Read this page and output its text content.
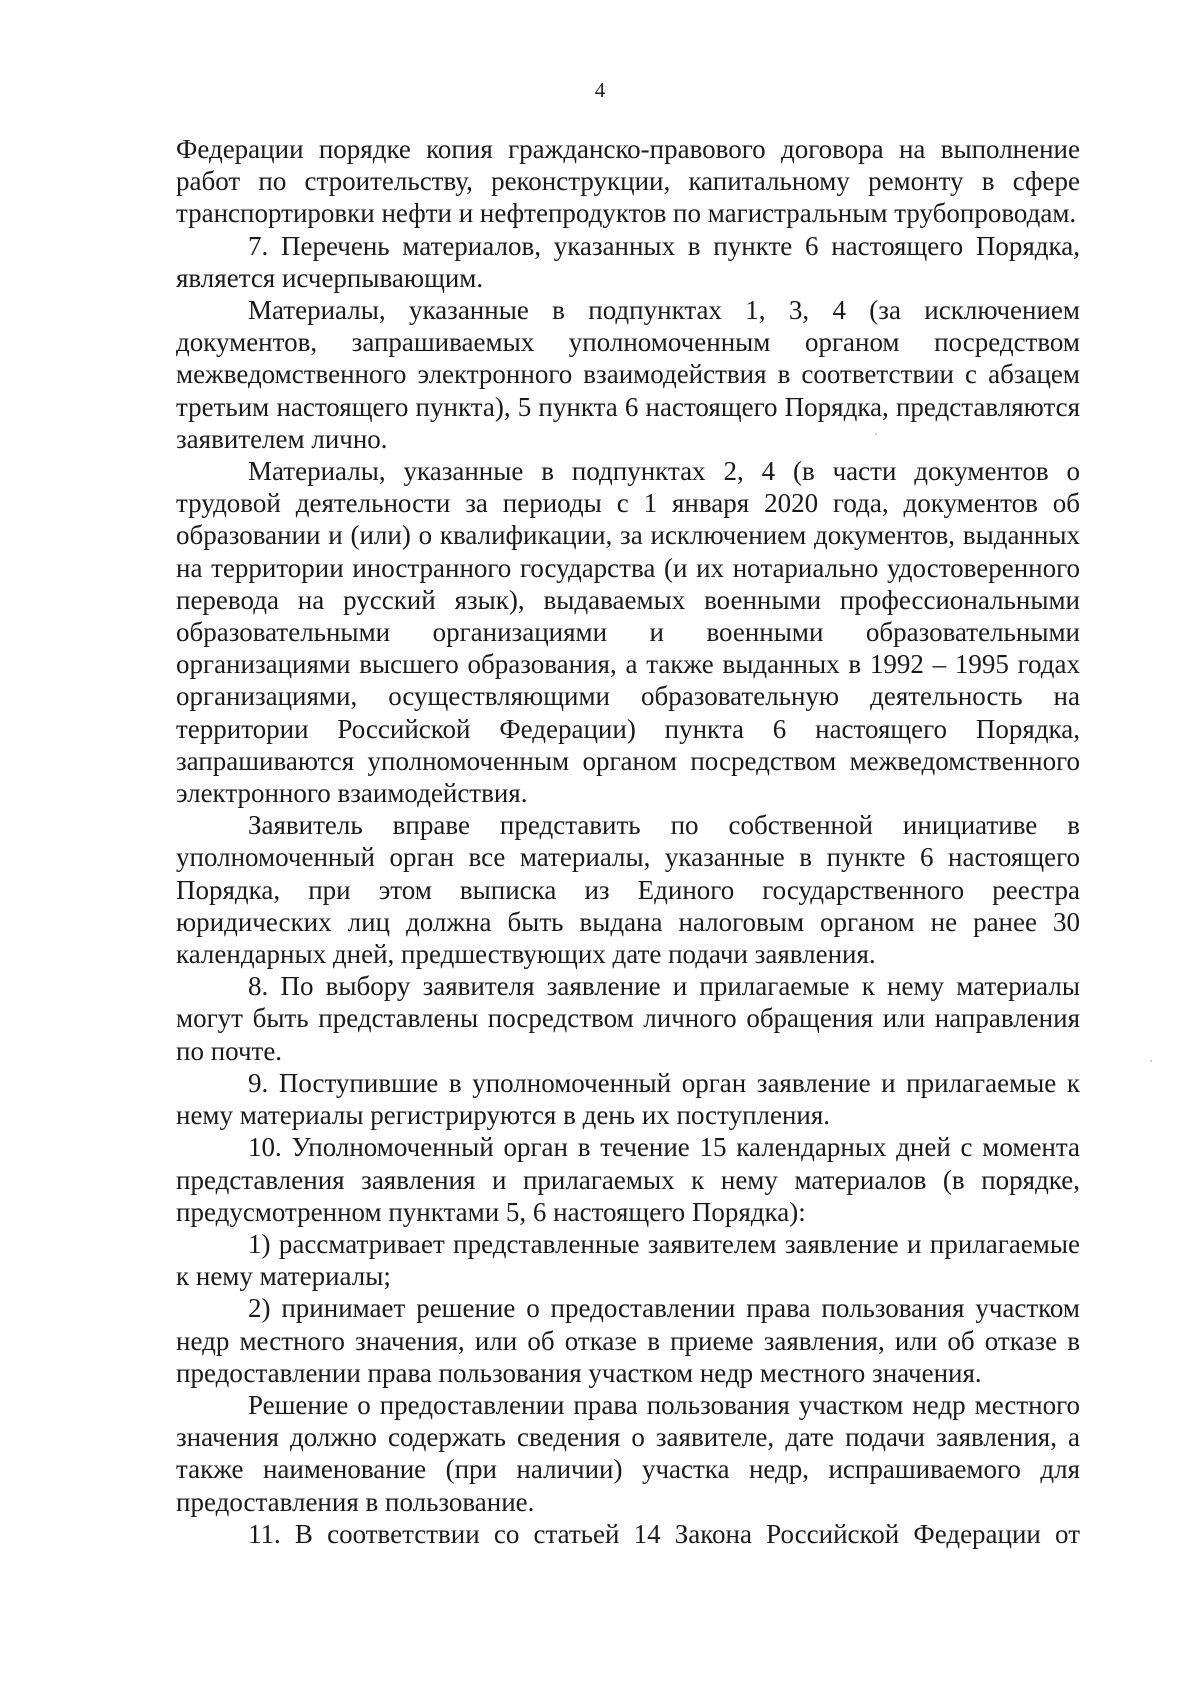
4

Федерации порядке копия гражданско-правового договора на выполнение работ по строительству, реконструкции, капитальному ремонту в сфере транспортировки нефти и нефтепродуктов по магистральным трубопроводам.

7. Перечень материалов, указанных в пункте 6 настоящего Порядка, является исчерпывающим.

Материалы, указанные в подпунктах 1, 3, 4 (за исключением документов, запрашиваемых уполномоченным органом посредством межведомственного электронного взаимодействия в соответствии с абзацем третьим настоящего пункта), 5 пункта 6 настоящего Порядка, представляются заявителем лично.

Материалы, указанные в подпунктах 2, 4 (в части документов о трудовой деятельности за периоды с 1 января 2020 года, документов об образовании и (или) о квалификации, за исключением документов, выданных на территории иностранного государства (и их нотариально удостоверенного перевода на русский язык), выдаваемых военными профессиональными образовательными организациями и военными образовательными организациями высшего образования, а также выданных в 1992 – 1995 годах организациями, осуществляющими образовательную деятельность на территории Российской Федерации) пункта 6 настоящего Порядка, запрашиваются уполномоченным органом посредством межведомственного электронного взаимодействия.

Заявитель вправе представить по собственной инициативе в уполномоченный орган все материалы, указанные в пункте 6 настоящего Порядка, при этом выписка из Единого государственного реестра юридических лиц должна быть выдана налоговым органом не ранее 30 календарных дней, предшествующих дате подачи заявления.

8. По выбору заявителя заявление и прилагаемые к нему материалы могут быть представлены посредством личного обращения или направления по почте.

9. Поступившие в уполномоченный орган заявление и прилагаемые к нему материалы регистрируются в день их поступления.

10. Уполномоченный орган в течение 15 календарных дней с момента представления заявления и прилагаемых к нему материалов (в порядке, предусмотренном пунктами 5, 6 настоящего Порядка):

1) рассматривает представленные заявителем заявление и прилагаемые к нему материалы;

2) принимает решение о предоставлении права пользования участком недр местного значения, или об отказе в приеме заявления, или об отказе в предоставлении права пользования участком недр местного значения.

Решение о предоставлении права пользования участком недр местного значения должно содержать сведения о заявителе, дате подачи заявления, а также наименование (при наличии) участка недр, испрашиваемого для предоставления в пользование.

11. В соответствии со статьей 14 Закона Российской Федерации от
